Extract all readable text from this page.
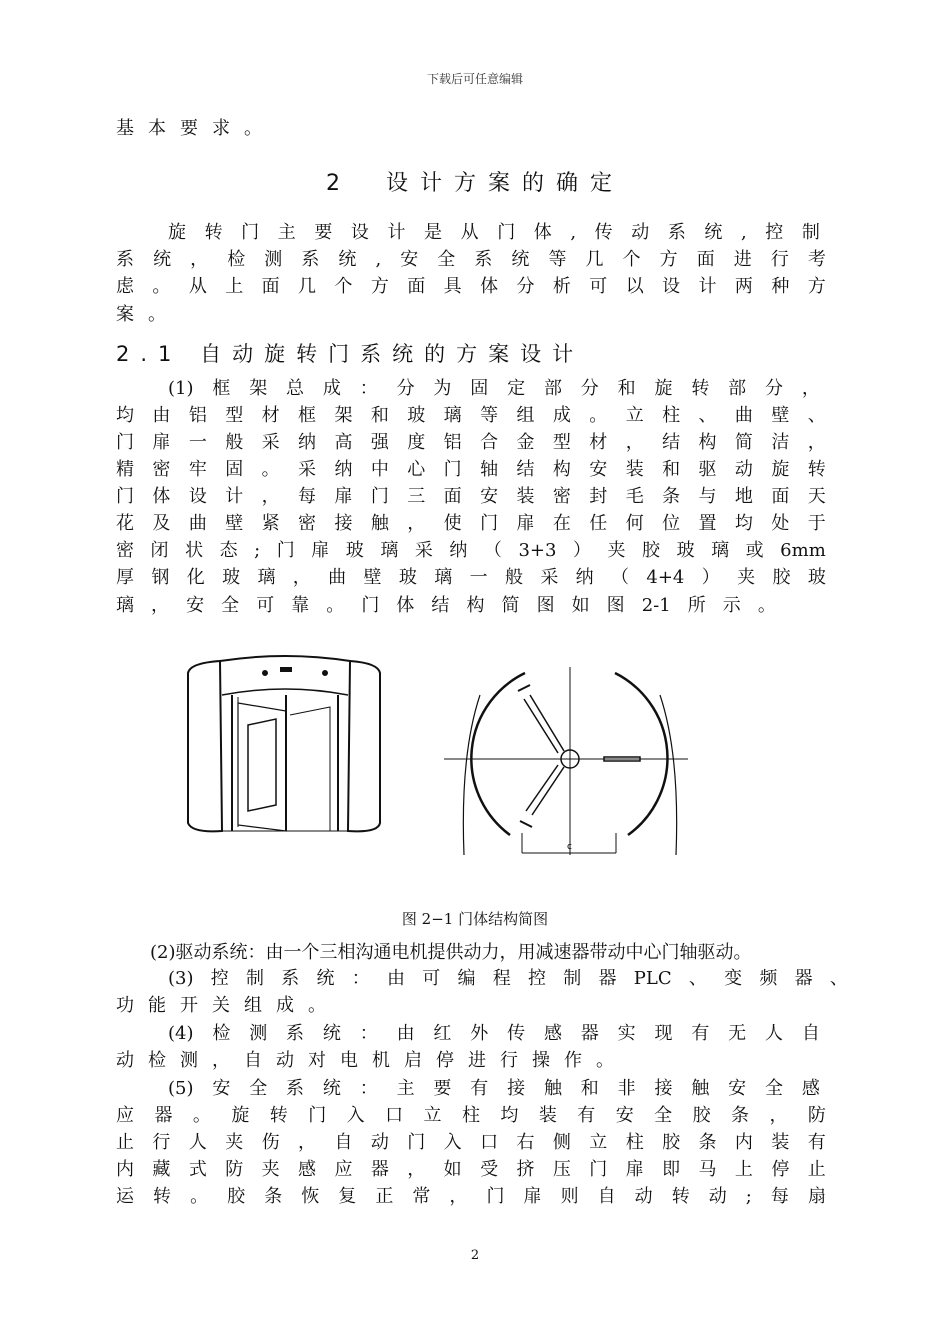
下载后可任意编辑
基本要求。
2　设计方案的确定
旋 转 门 主 要 设 计 是 从 门 体 , 传 动 系 统 , 控 制
系 统 ， 检 测 系 统 , 安 全 系 统 等 几 个 方 面 进 行 考
虑 。 从 上 面 几 个 方 面 具 体 分 析 可 以 设 计 两 种 方
案。
2.1 自动旋转门系统的方案设计
(1) 框 架 总 成 ： 分 为 固 定 部 分 和 旋 转 部 分 ，
均 由 铝 型 材 框 架 和 玻 璃 等 组 成 。 立 柱 、 曲 壁 、
门 扉 一 般 采 纳 高 强 度 铝 合 金 型 材 ， 结 构 简 洁 ，
精 密 牢 固 。 采 纳 中 心 门 轴 结 构 安 装 和 驱 动 旋 转
门 体 设 计 ， 每 扉 门 三 面 安 装 密 封 毛 条 与 地 面 天
花 及 曲 壁 紧 密 接 触 ， 使 门 扉 在 任 何 位 置 均 处 于
密 闭 状 态 ; 门 扉 玻 璃 采 纳 （ 3+3 ） 夹 胶 玻 璃 或 6mm
厚 钢 化 玻 璃 ， 曲 壁 玻 璃 一 般 采 纳 （ 4+4 ） 夹 胶 玻
璃 ， 安 全 可 靠 。 门 体 结 构 简 图 如 图 2-1 所 示 。
c
图 2−1 门体结构简图
(2)驱动系统：由一个三相沟通电机提供动力，用减速器带动中心门轴驱动。
(3) 控 制 系 统 ： 由 可 编 程 控 制 器 PLC 、 变 频 器 、
功能开关组成。
(4) 检 测 系 统 ： 由 红 外 传 感 器 实 现 有 无 人 自
动检测，自动对电机启停进行操作。
(5) 安 全 系 统 ： 主 要 有 接 触 和 非 接 触 安 全 感
应 器 。 旋 转 门 入 口 立 柱 均 装 有 安 全 胶 条 ， 防
止 行 人 夹 伤 ， 自 动 门 入 口 右 侧 立 柱 胶 条 内 装 有
内 藏 式 防 夹 感 应 器 ， 如 受 挤 压 门 扉 即 马 上 停 止
运 转 。 胶 条 恢 复 正 常 ， 门 扉 则 自 动 转 动 ; 每 扇
2
